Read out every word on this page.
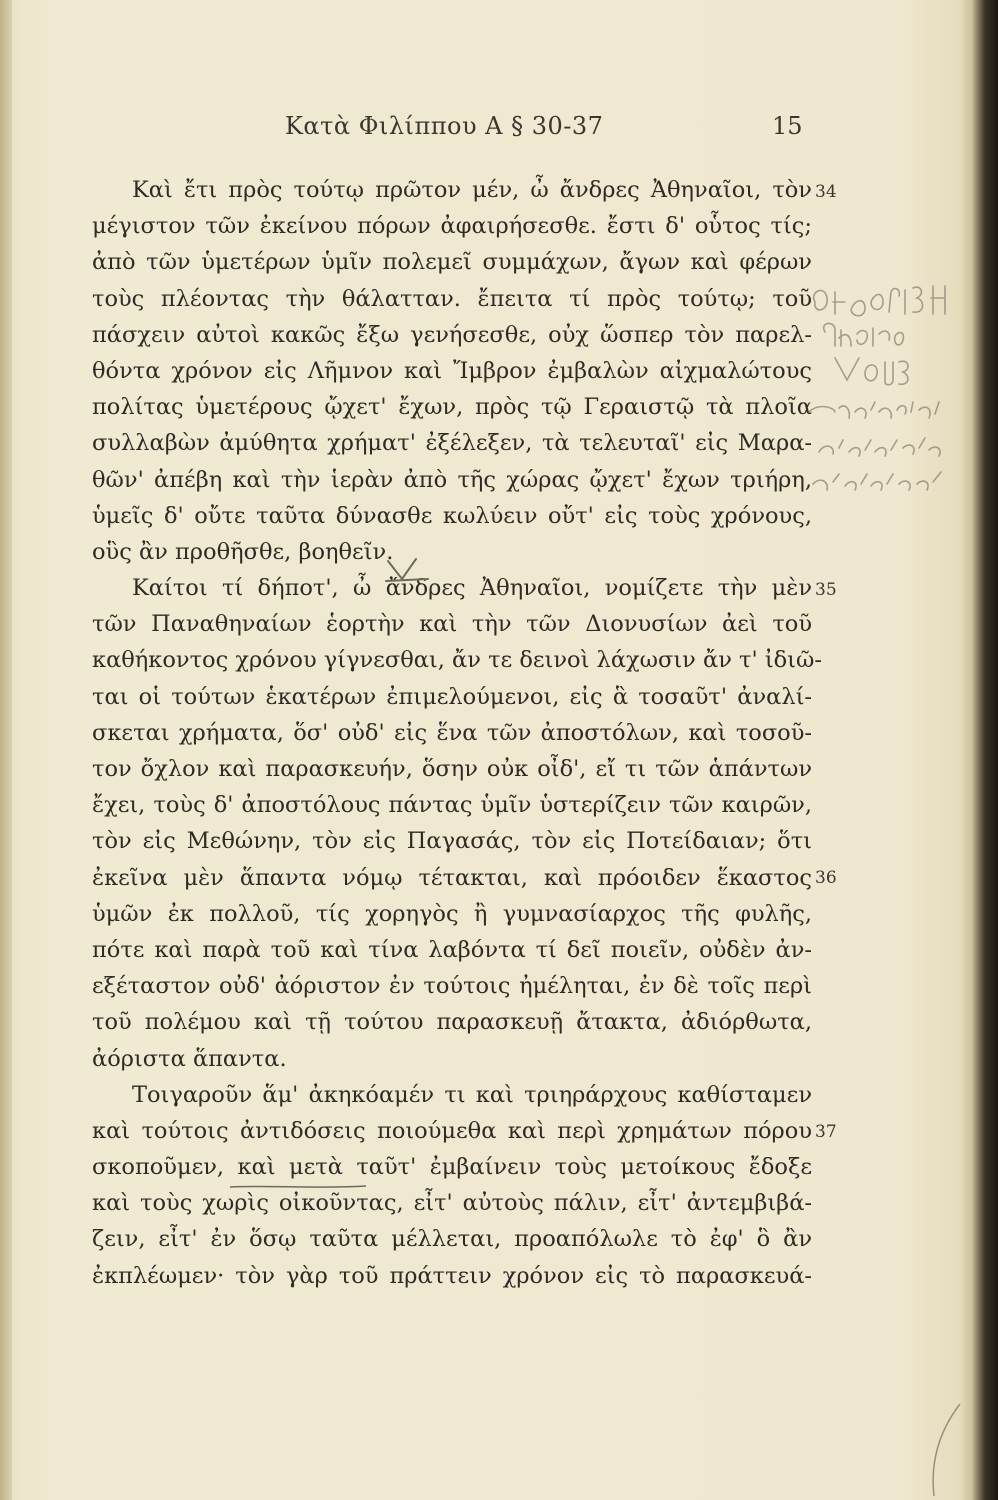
Κατὰ Φιλίππου Α § 30-37	15
Καὶ ἔτι πρὸς τούτῳ πρῶτον μέν, ὦ ἄνδρες Ἀθηναῖοι, τὸν
μέγιστον τῶν ἐκείνου πόρων ἀφαιρήσεσθε. ἔστι δ' οὗτος τίς;
ἀπὸ τῶν ὑμετέρων ὑμῖν πολεμεῖ συμμάχων, ἄγων καὶ φέρων
τοὺς πλέοντας τὴν θάλατταν. ἔπειτα τί πρὸς τούτῳ; τοῦ
πάσχειν αὐτοὶ κακῶς ἔξω γενήσεσθε, οὐχ ὥσπερ τὸν παρελ-
θόντα χρόνον εἰς Λῆμνον καὶ Ἴμβρον ἐμβαλὼν αἰχμαλώτους
πολίτας ὑμετέρους ᾤχετ' ἔχων, πρὸς τῷ Γεραιστῷ τὰ πλοῖα
συλλαβὼν ἀμύθητα χρήματ' ἐξέλεξεν, τὰ τελευταῖ' εἰς Μαρα-
θῶν' ἀπέβη καὶ τὴν ἱερὰν ἀπὸ τῆς χώρας ᾤχετ' ἔχων τριήρη,
ὑμεῖς δ' οὔτε ταῦτα δύνασθε κωλύειν οὔτ' εἰς τοὺς χρόνους,
οὓς ἂν προθῆσθε, βοηθεῖν.
Καίτοι τί δήποτ', ὦ ἄνδρες Ἀθηναῖοι, νομίζετε τὴν μὲν
τῶν Παναθηναίων ἑορτὴν καὶ τὴν τῶν Διονυσίων ἀεὶ τοῦ
καθήκοντος χρόνου γίγνεσθαι, ἄν τε δεινοὶ λάχωσιν ἄν τ' ἰδιῶ-
ται οἱ τούτων ἑκατέρων ἐπιμελούμενοι, εἰς ἃ τοσαῦτ' ἀναλί-
σκεται χρήματα, ὅσ' οὐδ' εἰς ἕνα τῶν ἀποστόλων, καὶ τοσοῦ-
τον ὄχλον καὶ παρασκευήν, ὅσην οὐκ οἶδ', εἴ τι τῶν ἁπάντων
ἔχει, τοὺς δ' ἀποστόλους πάντας ὑμῖν ὑστερίζειν τῶν καιρῶν,
τὸν εἰς Μεθώνην, τὸν εἰς Παγασάς, τὸν εἰς Ποτείδαιαν; ὅτι
ἐκεῖνα μὲν ἅπαντα νόμῳ τέτακται, καὶ πρόοιδεν ἕκαστος
ὑμῶν ἐκ πολλοῦ, τίς χορηγὸς ἢ γυμνασίαρχος τῆς φυλῆς,
πότε καὶ παρὰ τοῦ καὶ τίνα λαβόντα τί δεῖ ποιεῖν, οὐδὲν ἀν-
εξέταστον οὐδ' ἀόριστον ἐν τούτοις ἠμέληται, ἐν δὲ τοῖς περὶ
τοῦ πολέμου καὶ τῇ τούτου παρασκευῇ ἄτακτα, ἀδιόρθωτα,
ἀόριστα ἅπαντα.
Τοιγαροῦν ἅμ' ἀκηκόαμέν τι καὶ τριηράρχους καθίσταμεν
καὶ τούτοις ἀντιδόσεις ποιούμεθα καὶ περὶ χρημάτων πόρου
σκοποῦμεν, καὶ μετὰ ταῦτ' ἐμβαίνειν τοὺς μετοίκους ἔδοξε
καὶ τοὺς χωρὶς οἰκοῦντας, εἶτ' αὐτοὺς πάλιν, εἶτ' ἀντεμβιβά-
ζειν, εἶτ' ἐν ὅσῳ ταῦτα μέλλεται, προαπόλωλε τὸ ἐφ' ὃ ἂν
ἐκπλέωμεν· τὸν γὰρ τοῦ πράττειν χρόνον εἰς τὸ παρασκευά-
34
35
36
37
